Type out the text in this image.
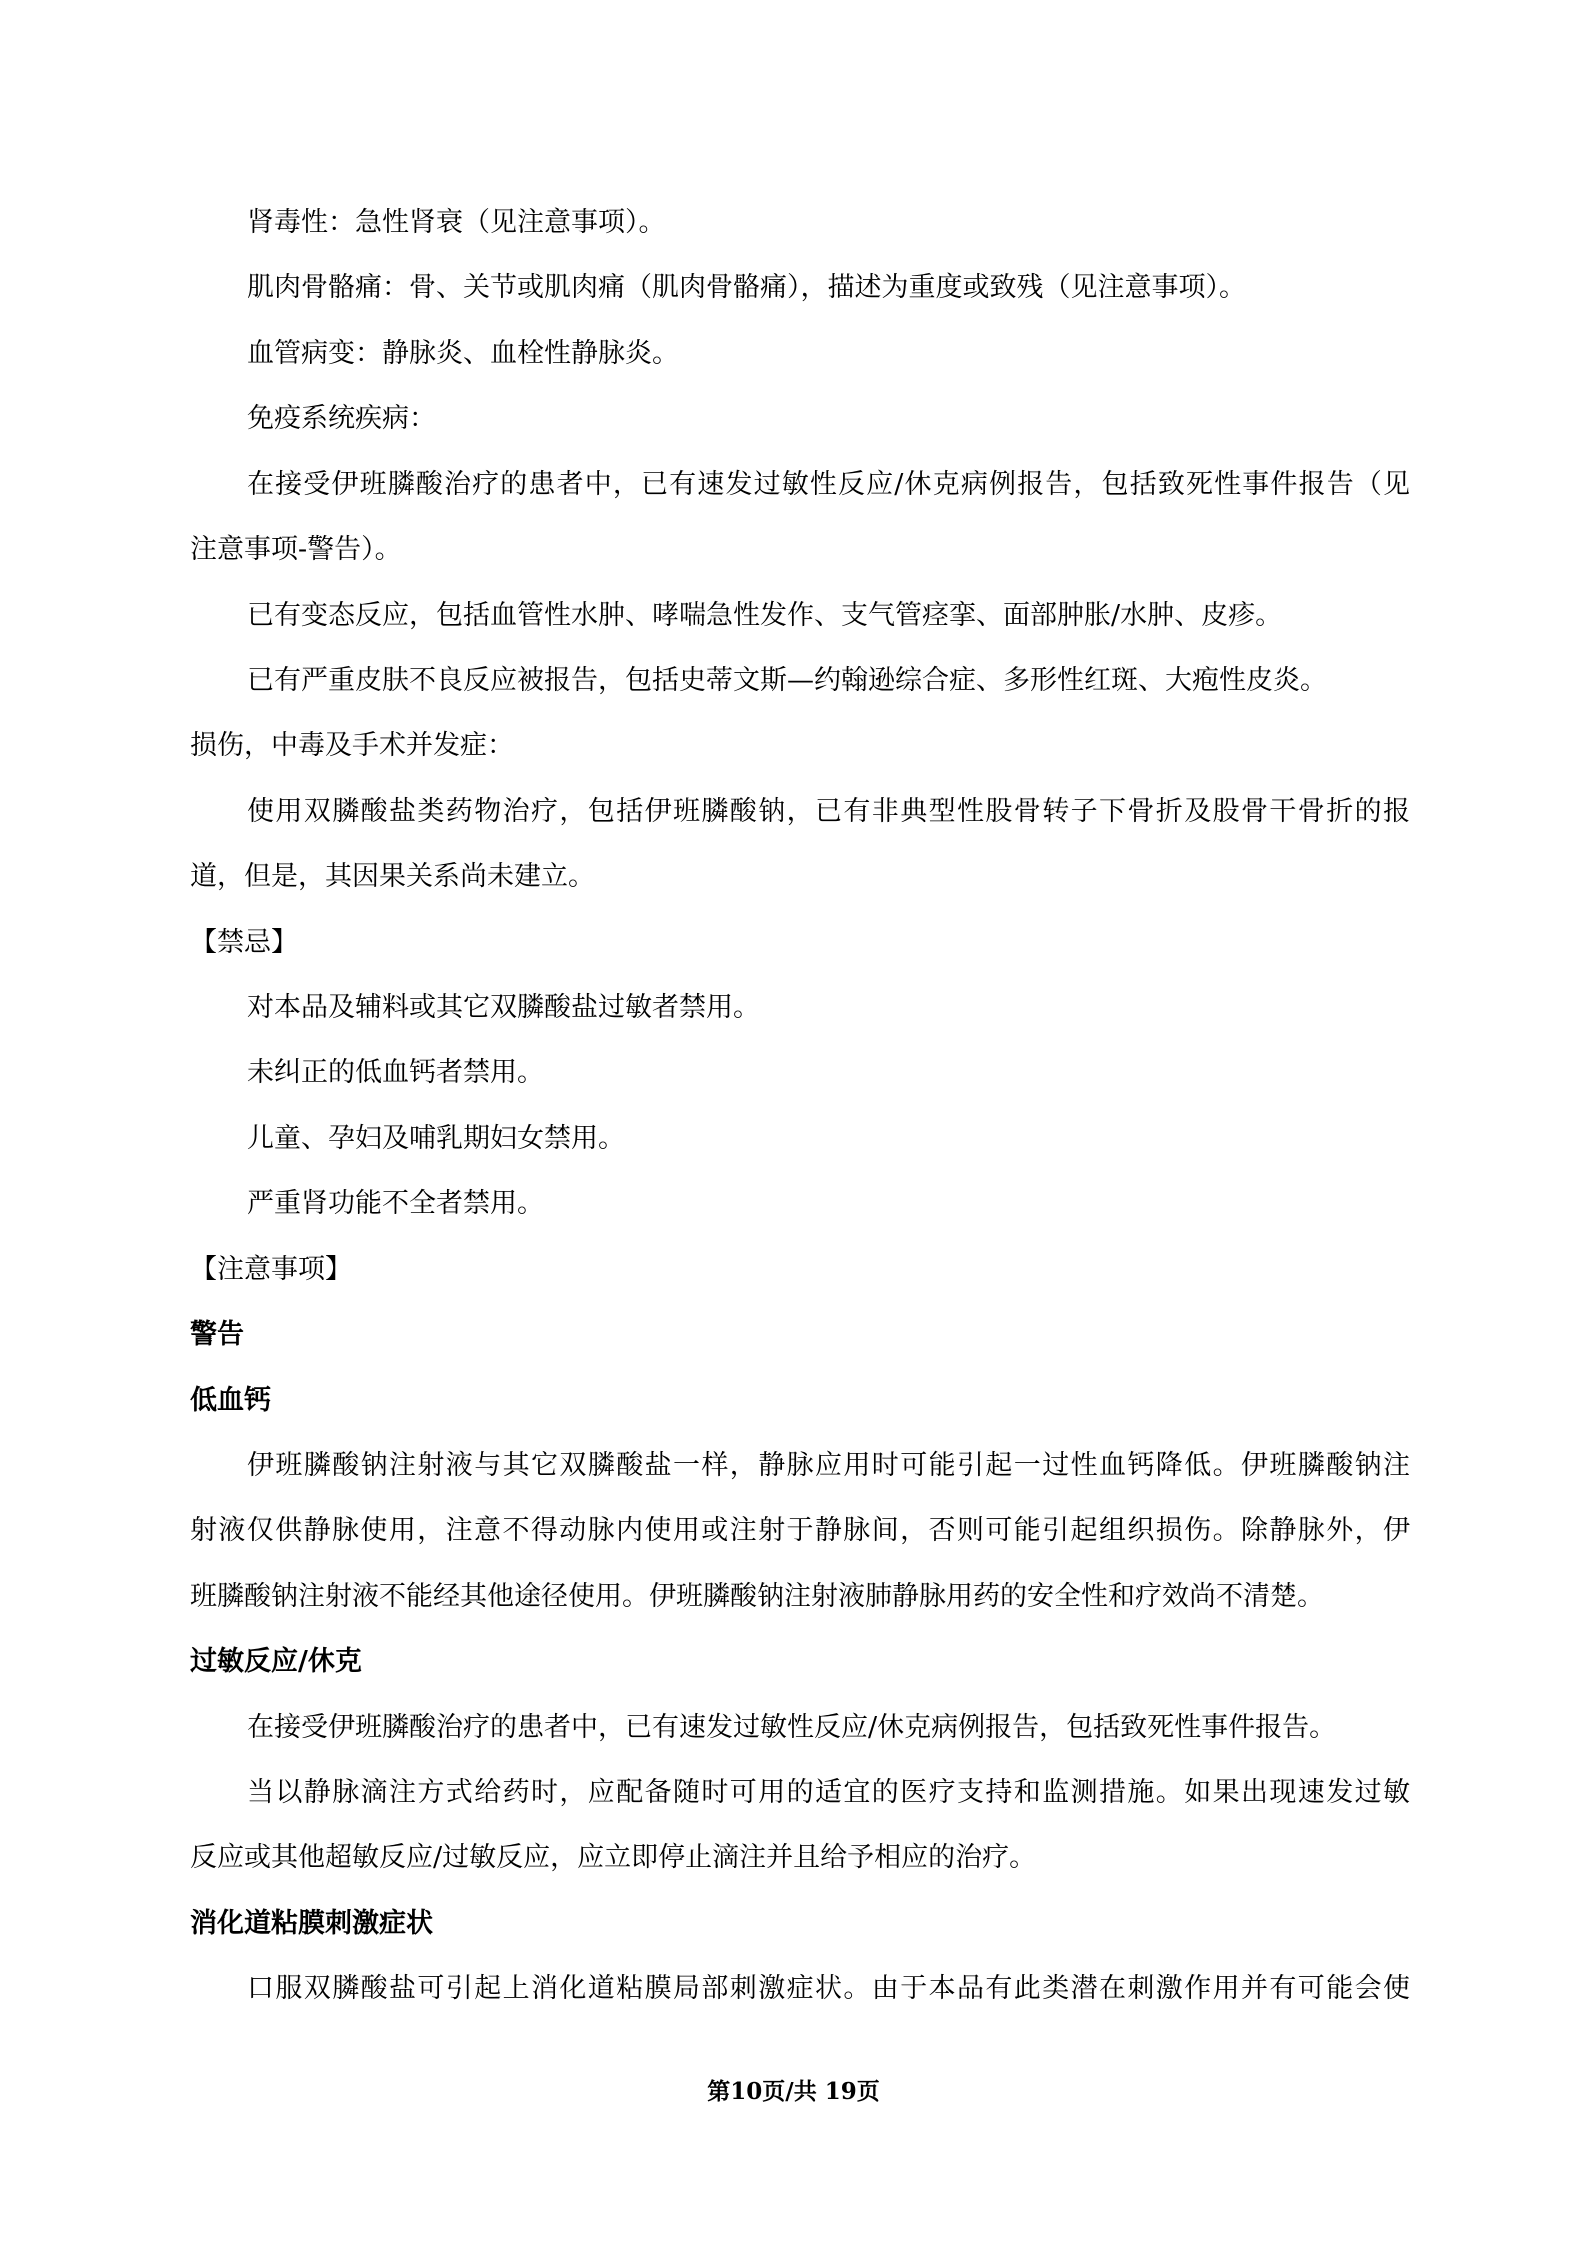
肾毒性：急性肾衰（见注意事项）。
肌肉骨骼痛：骨、关节或肌肉痛（肌肉骨骼痛），描述为重度或致残（见注意事项）。
血管病变：静脉炎、血栓性静脉炎。
免疫系统疾病：
在接受伊班膦酸治疗的患者中，已有速发过敏性反应/休克病例报告，包括致死性事件报告（见
注意事项-警告）。
已有变态反应，包括血管性水肿、哮喘急性发作、支气管痉挛、面部肿胀/水肿、皮疹。
已有严重皮肤不良反应被报告，包括史蒂文斯—约翰逊综合症、多形性红斑、大疱性皮炎。
损伤，中毒及手术并发症：
使用双膦酸盐类药物治疗，包括伊班膦酸钠，已有非典型性股骨转子下骨折及股骨干骨折的报
道，但是，其因果关系尚未建立。
【禁忌】
对本品及辅料或其它双膦酸盐过敏者禁用。
未纠正的低血钙者禁用。
儿童、孕妇及哺乳期妇女禁用。
严重肾功能不全者禁用。
【注意事项】
警告
低血钙
伊班膦酸钠注射液与其它双膦酸盐一样，静脉应用时可能引起一过性血钙降低。伊班膦酸钠注
射液仅供静脉使用，注意不得动脉内使用或注射于静脉间，否则可能引起组织损伤。除静脉外，伊
班膦酸钠注射液不能经其他途径使用。伊班膦酸钠注射液肺静脉用药的安全性和疗效尚不清楚。
过敏反应/休克
在接受伊班膦酸治疗的患者中，已有速发过敏性反应/休克病例报告，包括致死性事件报告。
当以静脉滴注方式给药时，应配备随时可用的适宜的医疗支持和监测措施。如果出现速发过敏
反应或其他超敏反应/过敏反应，应立即停止滴注并且给予相应的治疗。
消化道粘膜刺激症状
口服双膦酸盐可引起上消化道粘膜局部刺激症状。由于本品有此类潜在刺激作用并有可能会使
第10页/共 19页
